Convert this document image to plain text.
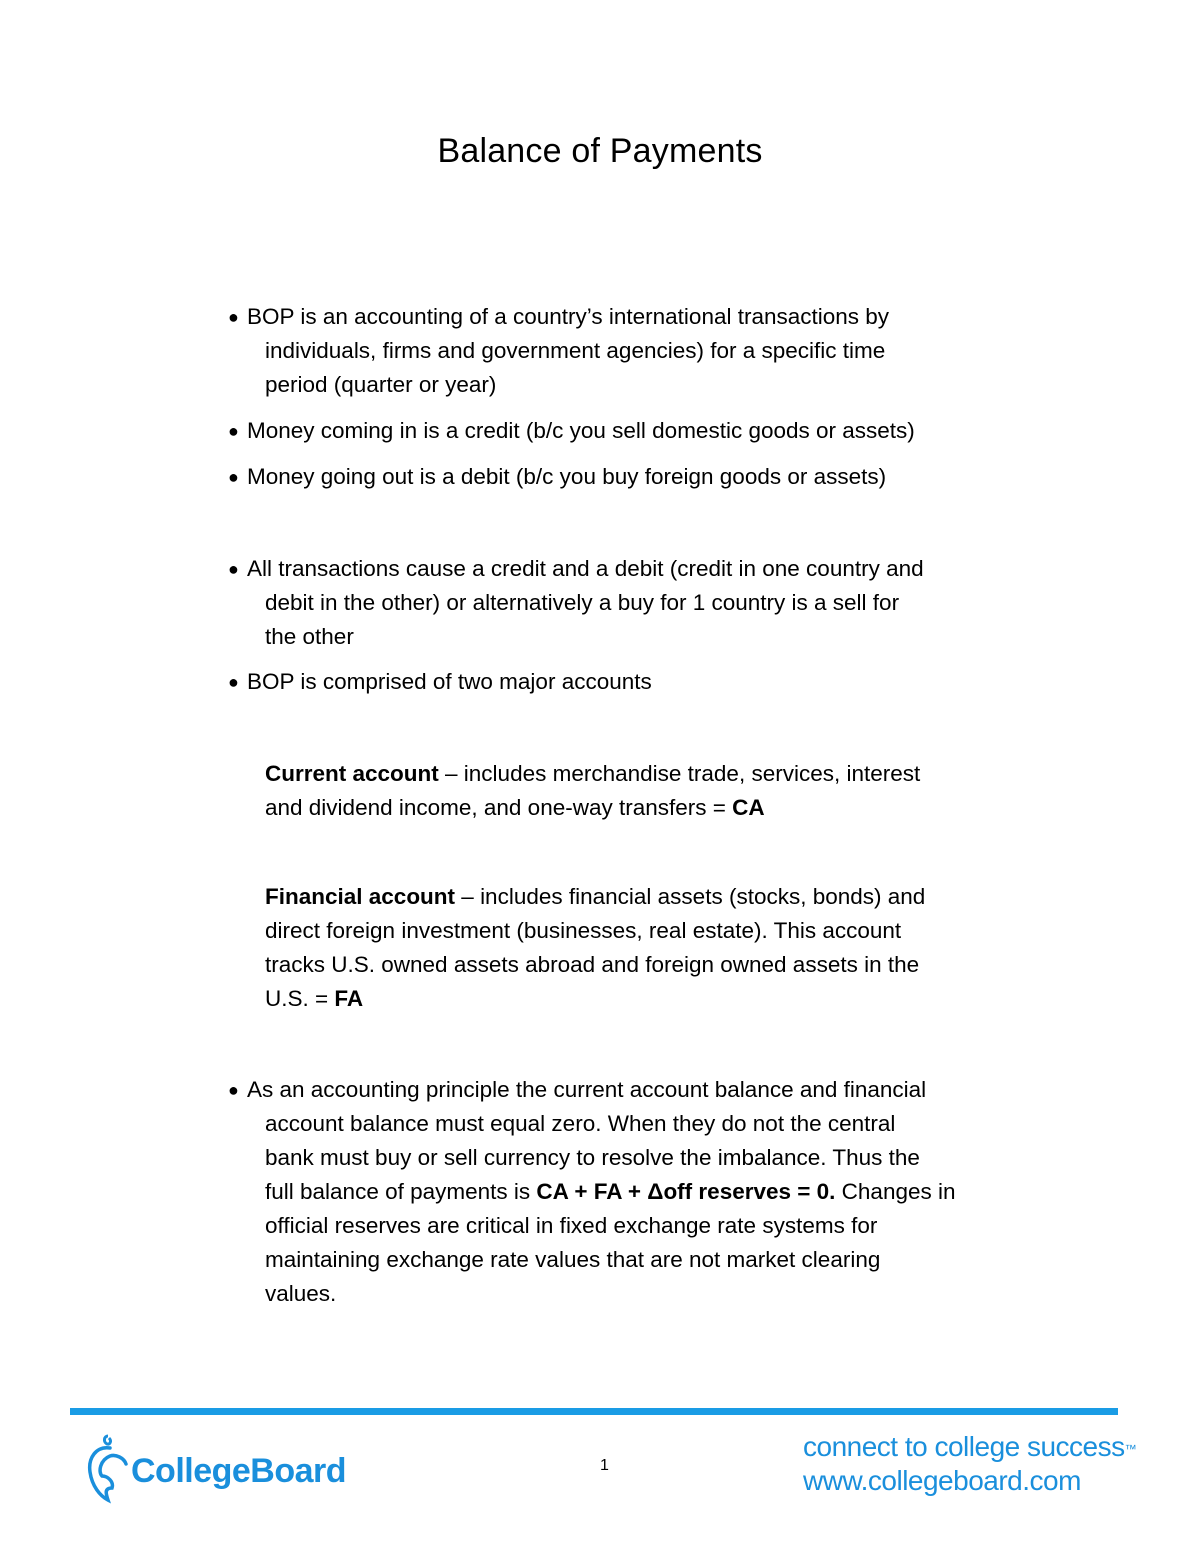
Balance of Payments
● BOP is an accounting of a country’s international transactions by
individuals, firms and government agencies) for a specific time
period (quarter or year)
● Money coming in is a credit (b/c you sell domestic goods or assets)
● Money going out is a debit (b/c you buy foreign goods or assets)
● All transactions cause a credit and a debit (credit in one country and
debit in the other) or alternatively a buy for 1 country is a sell for
the other
● BOP is comprised of two major accounts
Current account – includes merchandise trade, services, interest
and dividend income, and one-way transfers = CA
Financial account – includes financial assets (stocks, bonds) and
direct foreign investment (businesses, real estate). This account
tracks U.S. owned assets abroad and foreign owned assets in the
U.S. = FA
● As an accounting principle the current account balance and financial
account balance must equal zero. When they do not the central
bank must buy or sell currency to resolve the imbalance. Thus the
full balance of payments is CA + FA + Δoff reserves = 0. Changes in
official reserves are critical in fixed exchange rate systems for
maintaining exchange rate values that are not market clearing
values.
CollegeBoard	1
connect to college success™
www.collegeboard.com
